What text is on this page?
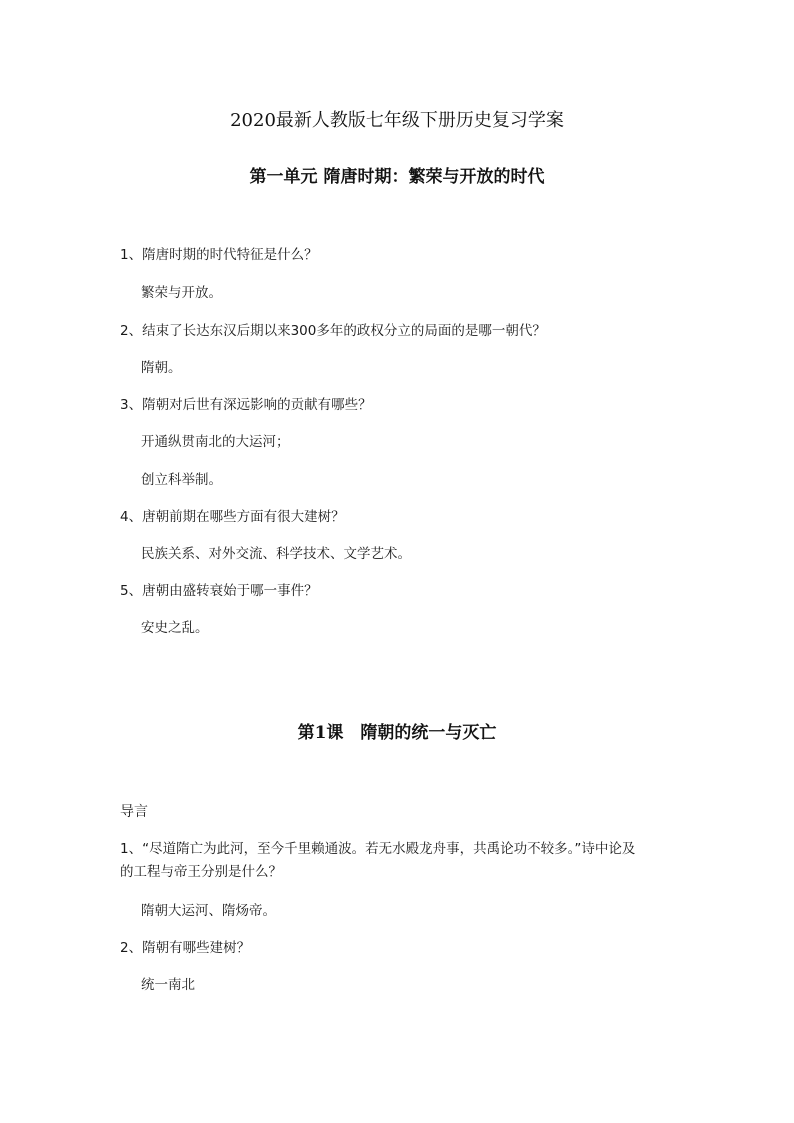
2020最新人教版七年级下册历史复习学案
第一单元 隋唐时期：繁荣与开放的时代
1、隋唐时期的时代特征是什么？
繁荣与开放。
2、结束了长达东汉后期以来300多年的政权分立的局面的是哪一朝代？
隋朝。
3、隋朝对后世有深远影响的贡献有哪些？
开通纵贯南北的大运河；
创立科举制。
4、唐朝前期在哪些方面有很大建树？
民族关系、对外交流、科学技术、文学艺术。
5、唐朝由盛转衰始于哪一事件？
安史之乱。
第1课　隋朝的统一与灭亡
导言
1、“尽道隋亡为此河，至今千里赖通波。若无水殿龙舟事，共禹论功不较多。”诗中论及
的工程与帝王分别是什么？
隋朝大运河、隋炀帝。
2、隋朝有哪些建树？
统一南北
